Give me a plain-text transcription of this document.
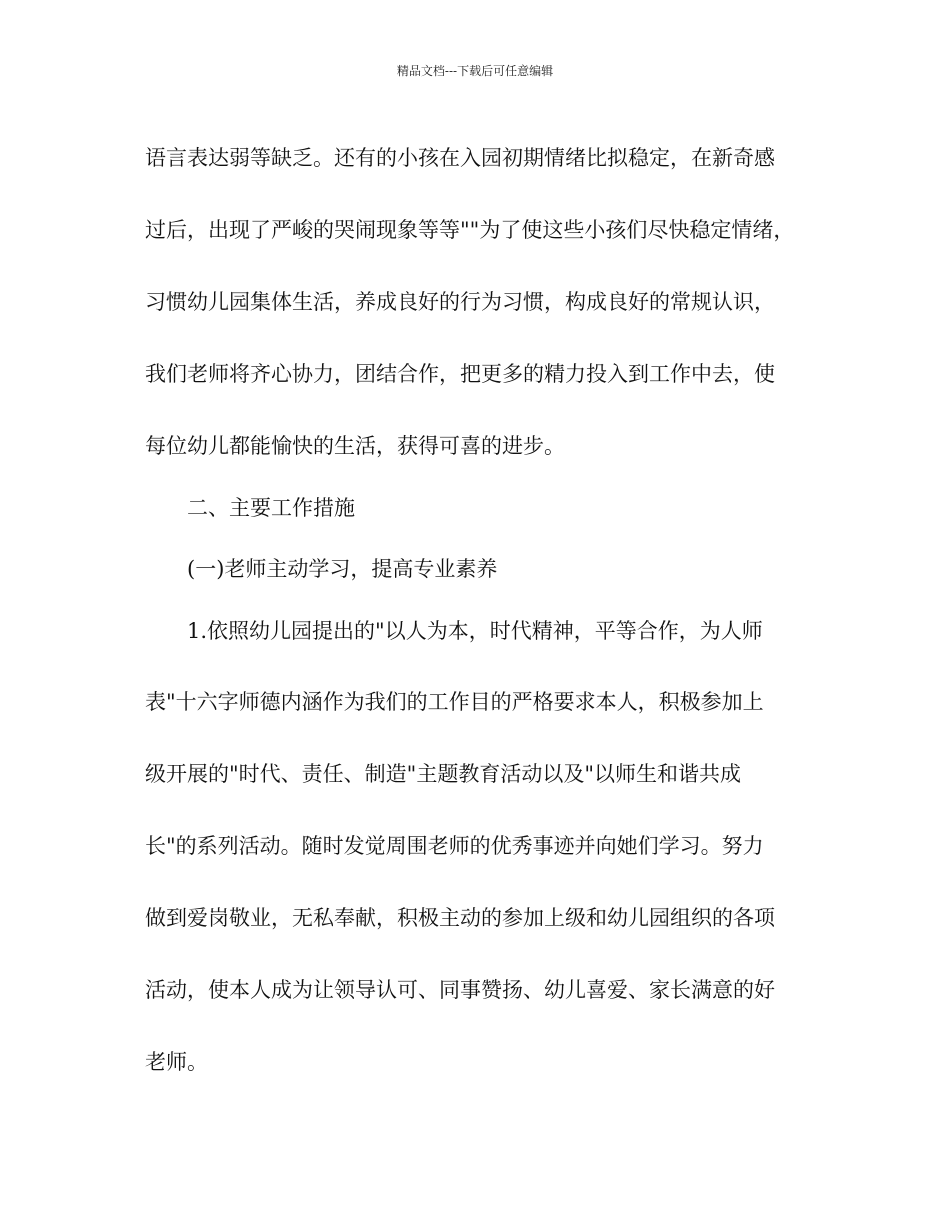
精品文档---下载后可任意编辑
语言表达弱等缺乏。还有的小孩在入园初期情绪比拟稳定，在新奇感
过后，出现了严峻的哭闹现象等等""为了使这些小孩们尽快稳定情绪，
习惯幼儿园集体生活，养成良好的行为习惯，构成良好的常规认识，
我们老师将齐心协力，团结合作，把更多的精力投入到工作中去，使
每位幼儿都能愉快的生活，获得可喜的进步。
二、主要工作措施
(一)老师主动学习，提高专业素养
1.依照幼儿园提出的"以人为本，时代精神，平等合作，为人师
表"十六字师德内涵作为我们的工作目的严格要求本人，积极参加上
级开展的"时代、责任、制造"主题教育活动以及"以师生和谐共成
长"的系列活动。随时发觉周围老师的优秀事迹并向她们学习。努力
做到爱岗敬业，无私奉献，积极主动的参加上级和幼儿园组织的各项
活动，使本人成为让领导认可、同事赞扬、幼儿喜爱、家长满意的好
老师。
